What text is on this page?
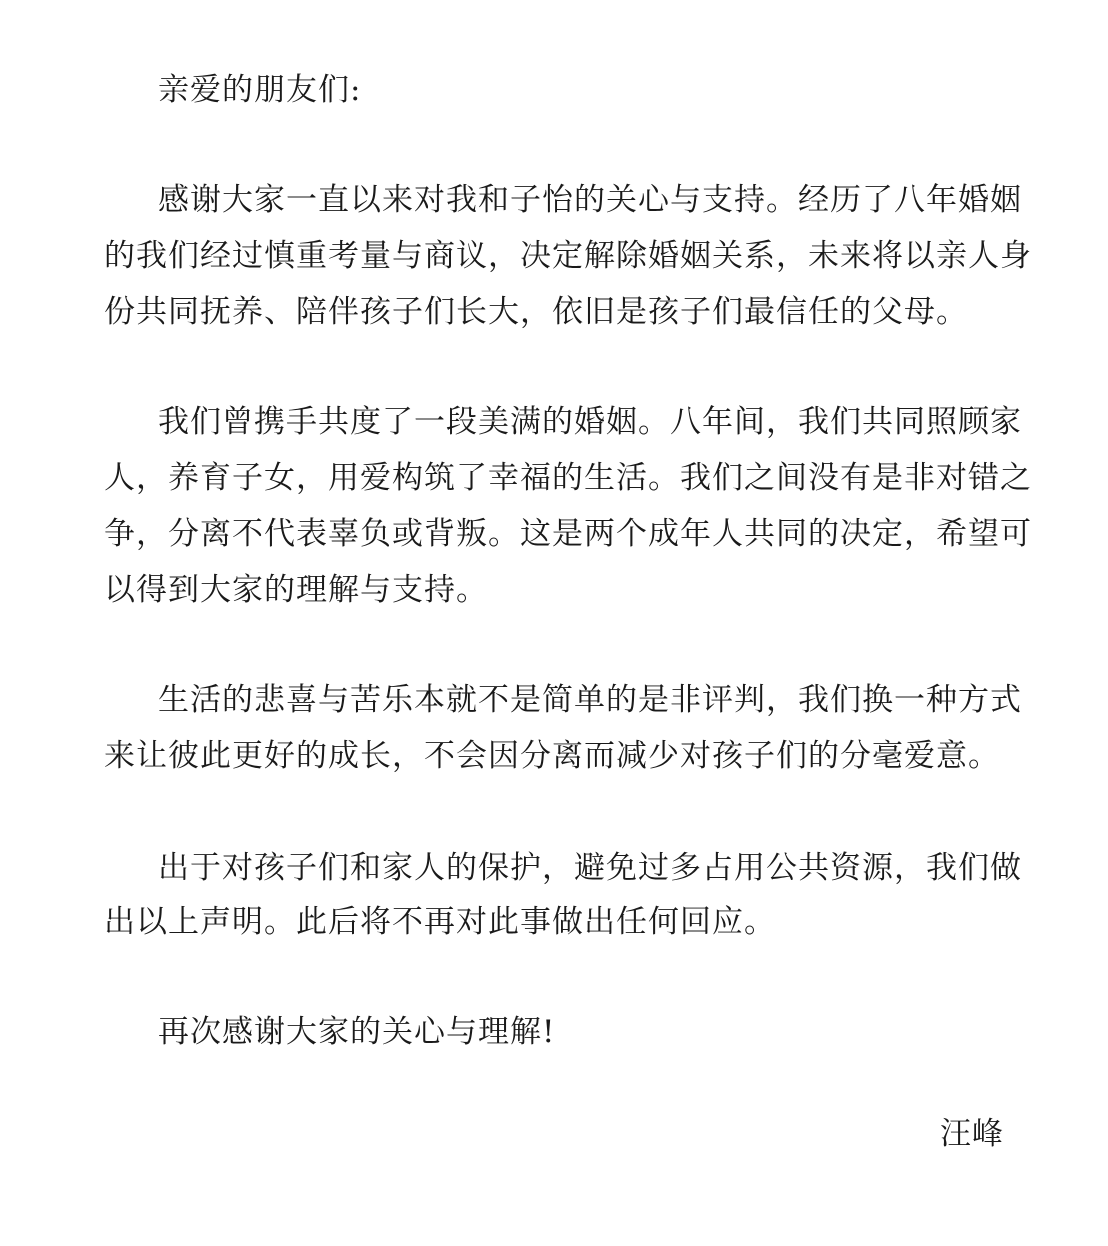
亲爱的朋友们:
感谢大家一直以来对我和子怡的关心与支持。经历了八年婚姻
的我们经过慎重考量与商议，决定解除婚姻关系，未来将以亲人身
份共同抚养、陪伴孩子们长大，依旧是孩子们最信任的父母。
我们曾携手共度了一段美满的婚姻。八年间，我们共同照顾家
人，养育子女，用爱构筑了幸福的生活。我们之间没有是非对错之
争，分离不代表辜负或背叛。这是两个成年人共同的决定，希望可
以得到大家的理解与支持。
生活的悲喜与苦乐本就不是简单的是非评判，我们换一种方式
来让彼此更好的成长，不会因分离而减少对孩子们的分毫爱意。
出于对孩子们和家人的保护，避免过多占用公共资源，我们做
出以上声明。此后将不再对此事做出任何回应。
再次感谢大家的关心与理解!
汪峰
